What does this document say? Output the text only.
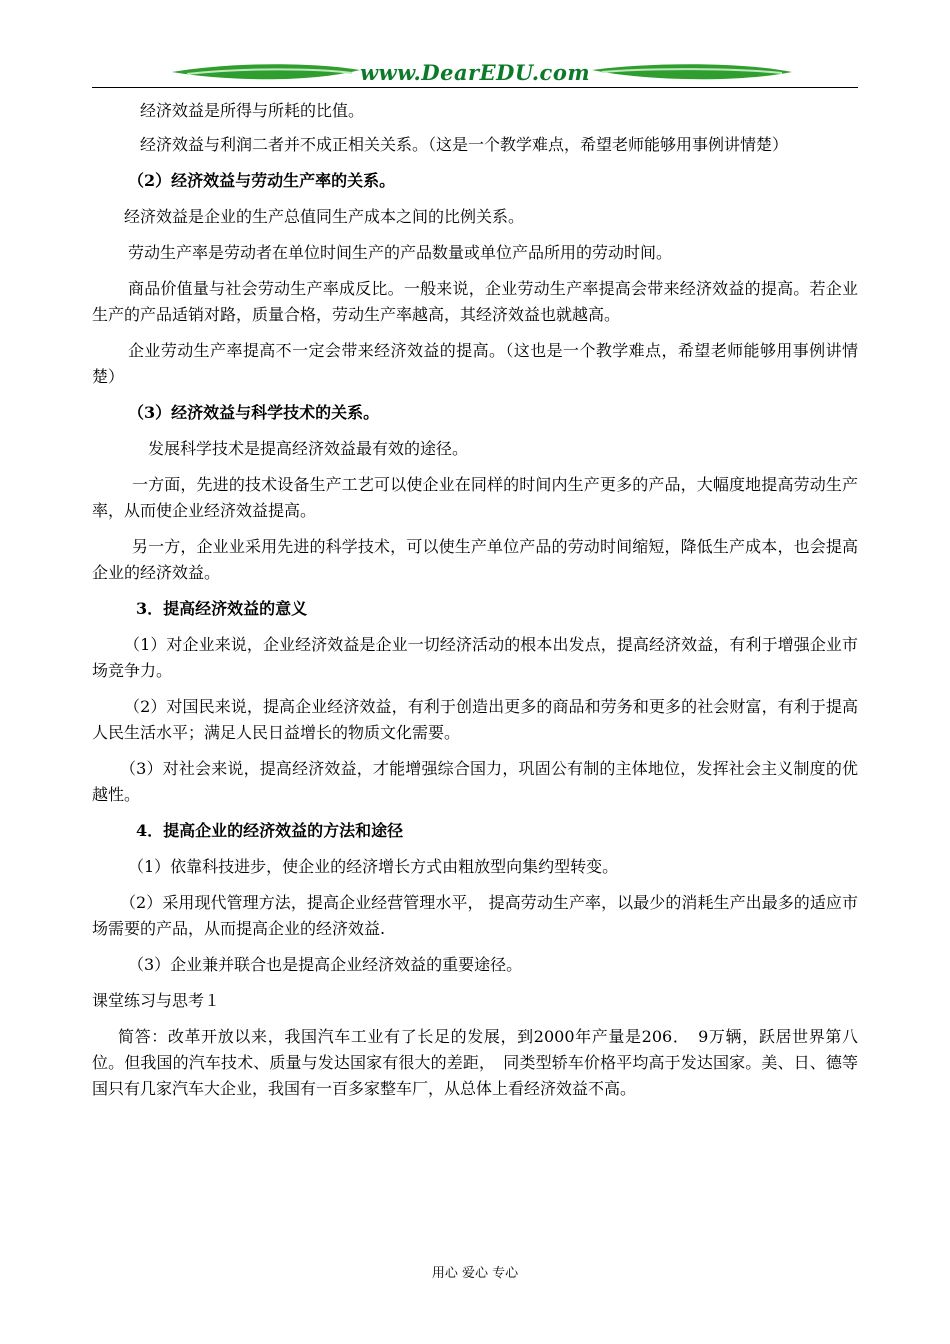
www.DearEDU.com

经济效益是所得与所耗的比值。

经济效益与利润二者并不成正相关关系。（这是一个教学难点，希望老师能够用事例讲情楚）

（2）经济效益与劳动生产率的关系。

经济效益是企业的生产总值同生产成本之间的比例关系。

劳动生产率是劳动者在单位时间生产的产品数量或单位产品所用的劳动时间。

商品价值量与社会劳动生产率成反比。一般来说，企业劳动生产率提高会带来经济效益的提高。若企业生产的产品适销对路，质量合格，劳动生产率越高，其经济效益也就越高。

企业劳动生产率提高不一定会带来经济效益的提高。（这也是一个教学难点，希望老师能够用事例讲情楚）

（3）经济效益与科学技术的关系。

发展科学技术是提高经济效益最有效的途径。

一方面，先进的技术设备生产工艺可以使企业在同样的时间内生产更多的产品，大幅度地提高劳动生产率，从而使企业经济效益提高。

另一方，企业业采用先进的科学技术，可以使生产单位产品的劳动时间缩短，降低生产成本，也会提高企业的经济效益。

3．提高经济效益的意义

（1）对企业来说，企业经济效益是企业一切经济活动的根本出发点，提高经济效益，有利于增强企业市场竞争力。

（2）对国民来说，提高企业经济效益，有利于创造出更多的商品和劳务和更多的社会财富，有利于提高人民生活水平；满足人民日益增长的物质文化需要。

（3）对社会来说，提高经济效益，才能增强综合国力，巩固公有制的主体地位，发挥社会主义制度的优越性。

4．提高企业的经济效益的方法和途径

（1）依靠科技进步，使企业的经济增长方式由粗放型向集约型转变。

（2）采用现代管理方法，提高企业经营管理水平， 提高劳动生产率，以最少的消耗生产出最多的适应市场需要的产品，从而提高企业的经济效益.

（3）企业兼并联合也是提高企业经济效益的重要途径。

课堂练习与思考１

简答：改革开放以来，我国汽车工业有了长足的发展，到2000年产量是206．　9万辆，跃居世界第八位。但我国的汽车技术、质量与发达国家有很大的差距，　同类型轿车价格平均高于发达国家。美、日、德等国只有几家汽车大企业，我国有一百多家整车厂，从总体上看经济效益不高。

用心 爱心 专心
